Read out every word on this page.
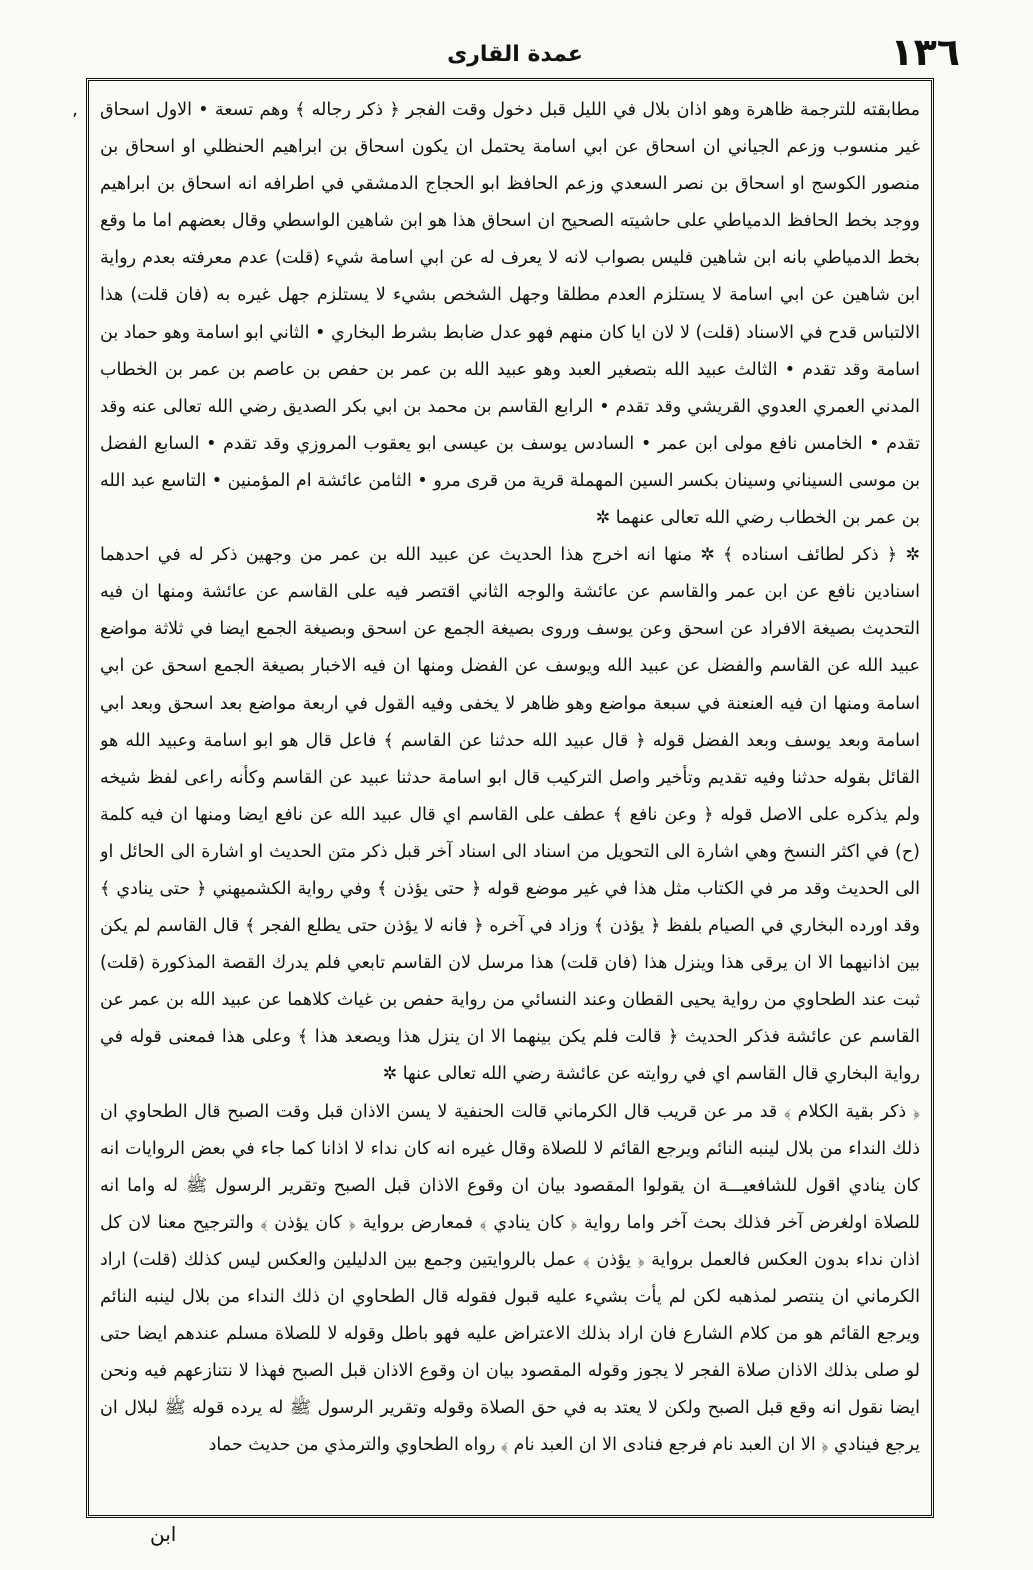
عمدة القارى	١٣٦
ʼ مطابقته للترجمة ظاهرة وهو اذان بلال في الليل قبل دخول وقت الفجر ﴿ ذكر رجاله ﴾ وهم تسعة • الاول اسحاق غير منسوب وزعم الجياني ان اسحاق عن ابي اسامة يحتمل ان يكون اسحاق بن ابراهيم الحنظلي او اسحاق بن منصور الكوسج او اسحاق بن نصر السعدي وزعم الحافظ ابو الحجاج الدمشقي في اطرافه انه اسحاق بن ابراهيم ووجد بخط الحافظ الدمياطي على حاشيته الصحيح ان اسحاق هذا هو ابن شاهين الواسطي وقال بعضهم اما ما وقع بخط الدمياطي بانه ابن شاهين فليس بصواب لانه لا يعرف له عن ابي اسامة شيء (قلت) عدم معرفته بعدم رواية ابن شاهين عن ابي اسامة لا يستلزم العدم مطلقا وجهل الشخص بشيء لا يستلزم جهل غيره به (فان قلت) هذا الالتباس قدح في الاسناد (قلت) لا لان ايا كان منهم فهو عدل ضابط بشرط البخاري • الثاني ابو اسامة وهو حماد بن اسامة وقد تقدم • الثالث عبيد الله بتصغير العبد وهو عبيد الله بن عمر بن حفص بن عاصم بن عمر بن الخطاب المدني العمري العدوي القريشي وقد تقدم • الرابع القاسم بن محمد بن ابي بكر الصديق رضي الله تعالى عنه وقد تقدم • الخامس نافع مولى ابن عمر • السادس يوسف بن عيسى ابو يعقوب المروزي وقد تقدم • السابع الفضل بن موسى السيناني وسينان بكسر السين المهملة قرية من قرى مرو • الثامن عائشة ام المؤمنين • التاسع عبد الله بن عمر بن الخطاب رضي الله تعالى عنهما ✲

✲ ﴿ ذكر لطائف اسناده ﴾ ✲ منها انه اخرج هذا الحديث عن عبيد الله بن عمر من وجهين ذكر له في احدهما اسنادين نافع عن ابن عمر والقاسم عن عائشة والوجه الثاني اقتصر فيه على القاسم عن عائشة ومنها ان فيه التحديث بصيغة الافراد عن اسحق وعن يوسف وروى بصيغة الجمع عن اسحق وبصيغة الجمع ايضا في ثلاثة مواضع عبيد الله عن القاسم والفضل عن عبيد الله ويوسف عن الفضل ومنها ان فيه الاخبار بصيغة الجمع اسحق عن ابي اسامة ومنها ان فيه العنعنة في سبعة مواضع وهو ظاهر لا يخفى وفيه القول في اربعة مواضع بعد اسحق وبعد ابي اسامة وبعد يوسف وبعد الفضل قوله ﴿ قال عبيد الله حدثنا عن القاسم ﴾ فاعل قال هو ابو اسامة وعبيد الله هو القائل بقوله حدثنا وفيه تقديم وتأخير واصل التركيب قال ابو اسامة حدثنا عبيد عن القاسم وكأنه راعى لفظ شيخه ولم يذكره على الاصل قوله ﴿ وعن نافع ﴾ عطف على القاسم اي قال عبيد الله عن نافع ايضا ومنها ان فيه كلمة (ح) في اكثر النسخ وهي اشارة الى التحويل من اسناد الى اسناد آخر قبل ذكر متن الحديث او اشارة الى الحائل او الى الحديث وقد مر في الكتاب مثل هذا في غير موضع قوله ﴿ حتى يؤذن ﴾ وفي رواية الكشميهني ﴿ حتى ينادي ﴾ وقد اورده البخاري في الصيام بلفظ ﴿ يؤذن ﴾ وزاد في آخره ﴿ فانه لا يؤذن حتى يطلع الفجر ﴾ قال القاسم لم يكن بين اذانيهما الا ان يرقى هذا وينزل هذا (فان قلت) هذا مرسل لان القاسم تابعي فلم يدرك القصة المذكورة (قلت) ثبت عند الطحاوي من رواية يحيى القطان وعند النسائي من رواية حفص بن غياث كلاهما عن عبيد الله بن عمر عن القاسم عن عائشة فذكر الحديث ﴿ قالت فلم يكن بينهما الا ان ينزل هذا ويصعد هذا ﴾ وعلى هذا فمعنى قوله في رواية البخاري قال القاسم اي في روايته عن عائشة رضي الله تعالى عنها ✲

﴿ ذكر بقية الكلام ﴾ قد مر عن قريب قال الكرماني قالت الحنفية لا يسن الاذان قبل وقت الصبح قال الطحاوي ان ذلك النداء من بلال لينبه النائم ويرجع القائم لا للصلاة وقال غيره انه كان نداء لا اذانا كما جاء في بعض الروايات انه كان ينادي اقول للشافعيـــة ان يقولوا المقصود بيان ان وقوع الاذان قبل الصبح وتقرير الرسول ﷺ له واما انه للصلاة اولغرض آخر فذلك بحث آخر واما رواية ﴿ كان ينادي ﴾ فمعارض برواية ﴿ كان يؤذن ﴾ والترجيح معنا لان كل اذان نداء بدون العكس فالعمل برواية ﴿ يؤذن ﴾ عمل بالروايتين وجمع بين الدليلين والعكس ليس كذلك (قلت) اراد الكرماني ان ينتصر لمذهبه لكن لم يأت بشيء عليه قبول فقوله قال الطحاوي ان ذلك النداء من بلال لينبه النائم ويرجع القائم هو من كلام الشارع فان اراد بذلك الاعتراض عليه فهو باطل وقوله لا للصلاة مسلم عندهم ايضا حتى لو صلى بذلك الاذان صلاة الفجر لا يجوز وقوله المقصود بيان ان وقوع الاذان قبل الصبح فهذا لا نتنازعهم فيه ونحن ايضا نقول انه وقع قبل الصبح ولكن لا يعتد به في حق الصلاة وقوله وتقرير الرسول ﷺ له يرده قوله ﷺ لبلال ان يرجع فينادي ﴿ الا ان العبد نام فرجع فنادى الا ان العبد نام ﴾ رواه الطحاوي والترمذي من حديث حماد

ابن
